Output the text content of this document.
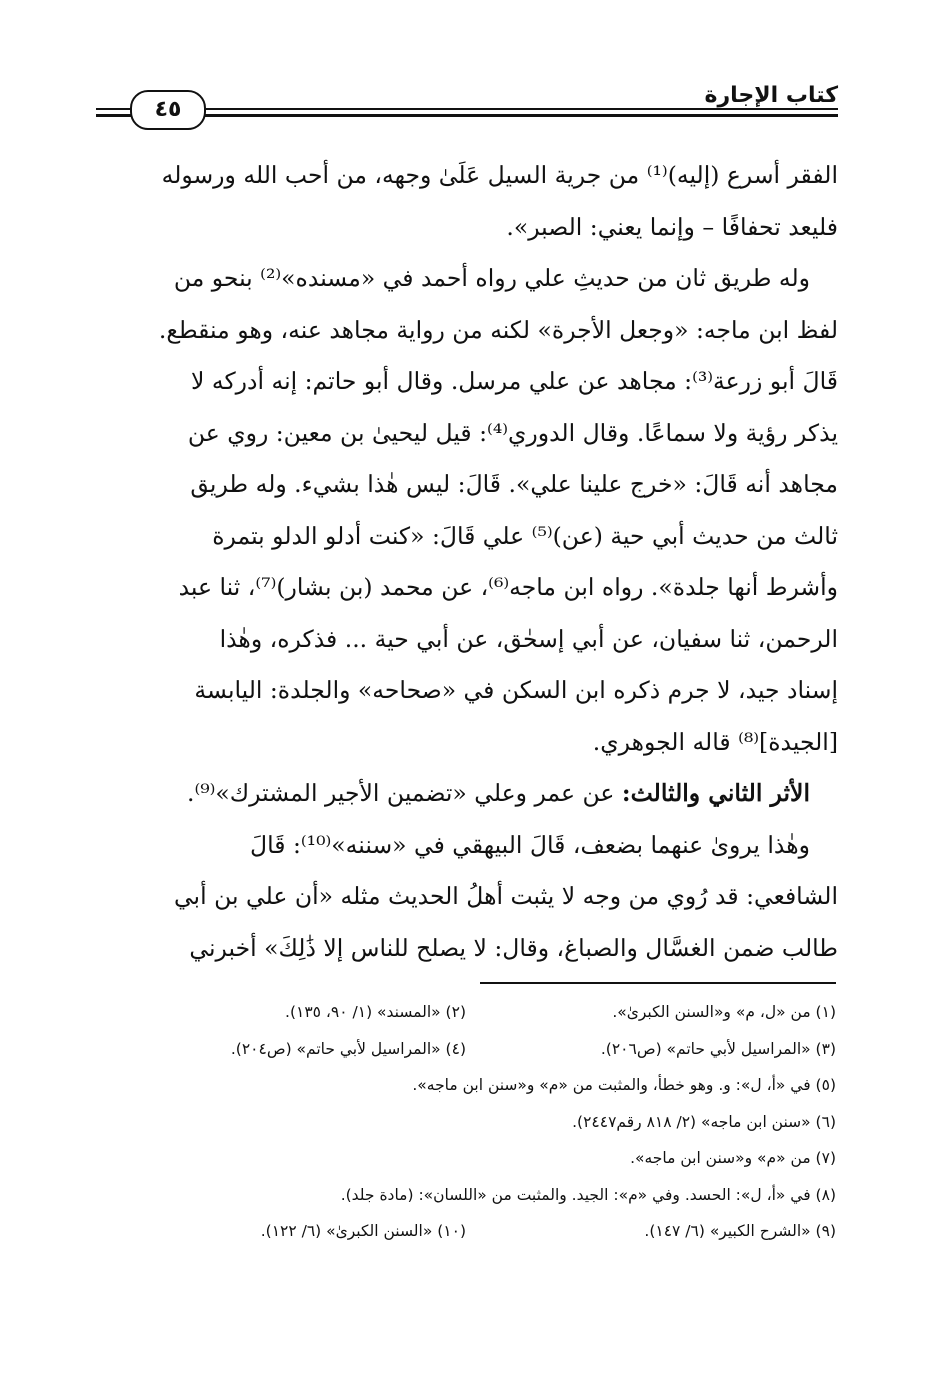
كتاب الإجارة
٤٥

الفقر أسرع (إليه)⁽¹⁾ من جرية السيل عَلَىٰ وجهه، من أحب الله ورسوله

فليعد تحفافًا – وإنما يعني: الصبر».

وله طريق ثان من حديثِ علي رواه أحمد في «مسنده»⁽²⁾ بنحو من

لفظ ابن ماجه: «وجعل الأجرة» لكنه من رواية مجاهد عنه، وهو منقطع.

قَالَ أبو زرعة⁽³⁾: مجاهد عن علي مرسل. وقال أبو حاتم: إنه أدركه لا

يذكر رؤية ولا سماعًا. وقال الدوري⁽⁴⁾: قيل ليحيىٰ بن معين: روي عن

مجاهد أنه قَالَ: «خرج علينا علي». قَالَ: ليس هٰذا بشيء. وله طريق

ثالث من حديث أبي حية (عن)⁽⁵⁾ علي قَالَ: «كنت أدلو الدلو بتمرة

وأشرط أنها جلدة». رواه ابن ماجه⁽⁶⁾، عن محمد (بن بشار)⁽⁷⁾، ثنا عبد

الرحمن، ثنا سفيان، عن أبي إسحٰق، عن أبي حية ... فذكره، وهٰذا

إسناد جيد، لا جرم ذكره ابن السكن في «صحاحه» والجلدة: اليابسة

[الجيدة]⁽⁸⁾ قاله الجوهري.

الأثر الثاني والثالث: عن عمر وعلي «تضمين الأجير المشترك»⁽⁹⁾.

وهٰذا يروىٰ عنهما بضعف، قَالَ البيهقي في «سننه»⁽¹⁰⁾: قَالَ

الشافعي: قد رُوي من وجه لا يثبت أهلُ الحديث مثله «أن علي بن أبي

طالب ضمن الغسَّال والصباغ، وقال: لا يصلح للناس إلا ذَٰلِكَ» أخبرني

(١) من «ل، م» و«السنن الكبرىٰ».
(٢) «المسند» (١/ ٩٠، ١٣٥).
(٣) «المراسيل لأبي حاتم» (ص٢٠٦).
(٤) «المراسيل لأبي حاتم» (ص٢٠٤).
(٥) في «أ، ل»: و. وهو خطأ، والمثبت من «م» و«سنن ابن ماجه».
(٦) «سنن ابن ماجه» (٢/ ٨١٨ رقم٢٤٤٧).
(٧) من «م» و«سنن ابن ماجه».
(٨) في «أ، ل»: الحسد. وفي «م»: الجيد. والمثبت من «اللسان»: (مادة جلد).
(٩) «الشرح الكبير» (٦/ ١٤٧).
(١٠) «السنن الكبرىٰ» (٦/ ١٢٢).
